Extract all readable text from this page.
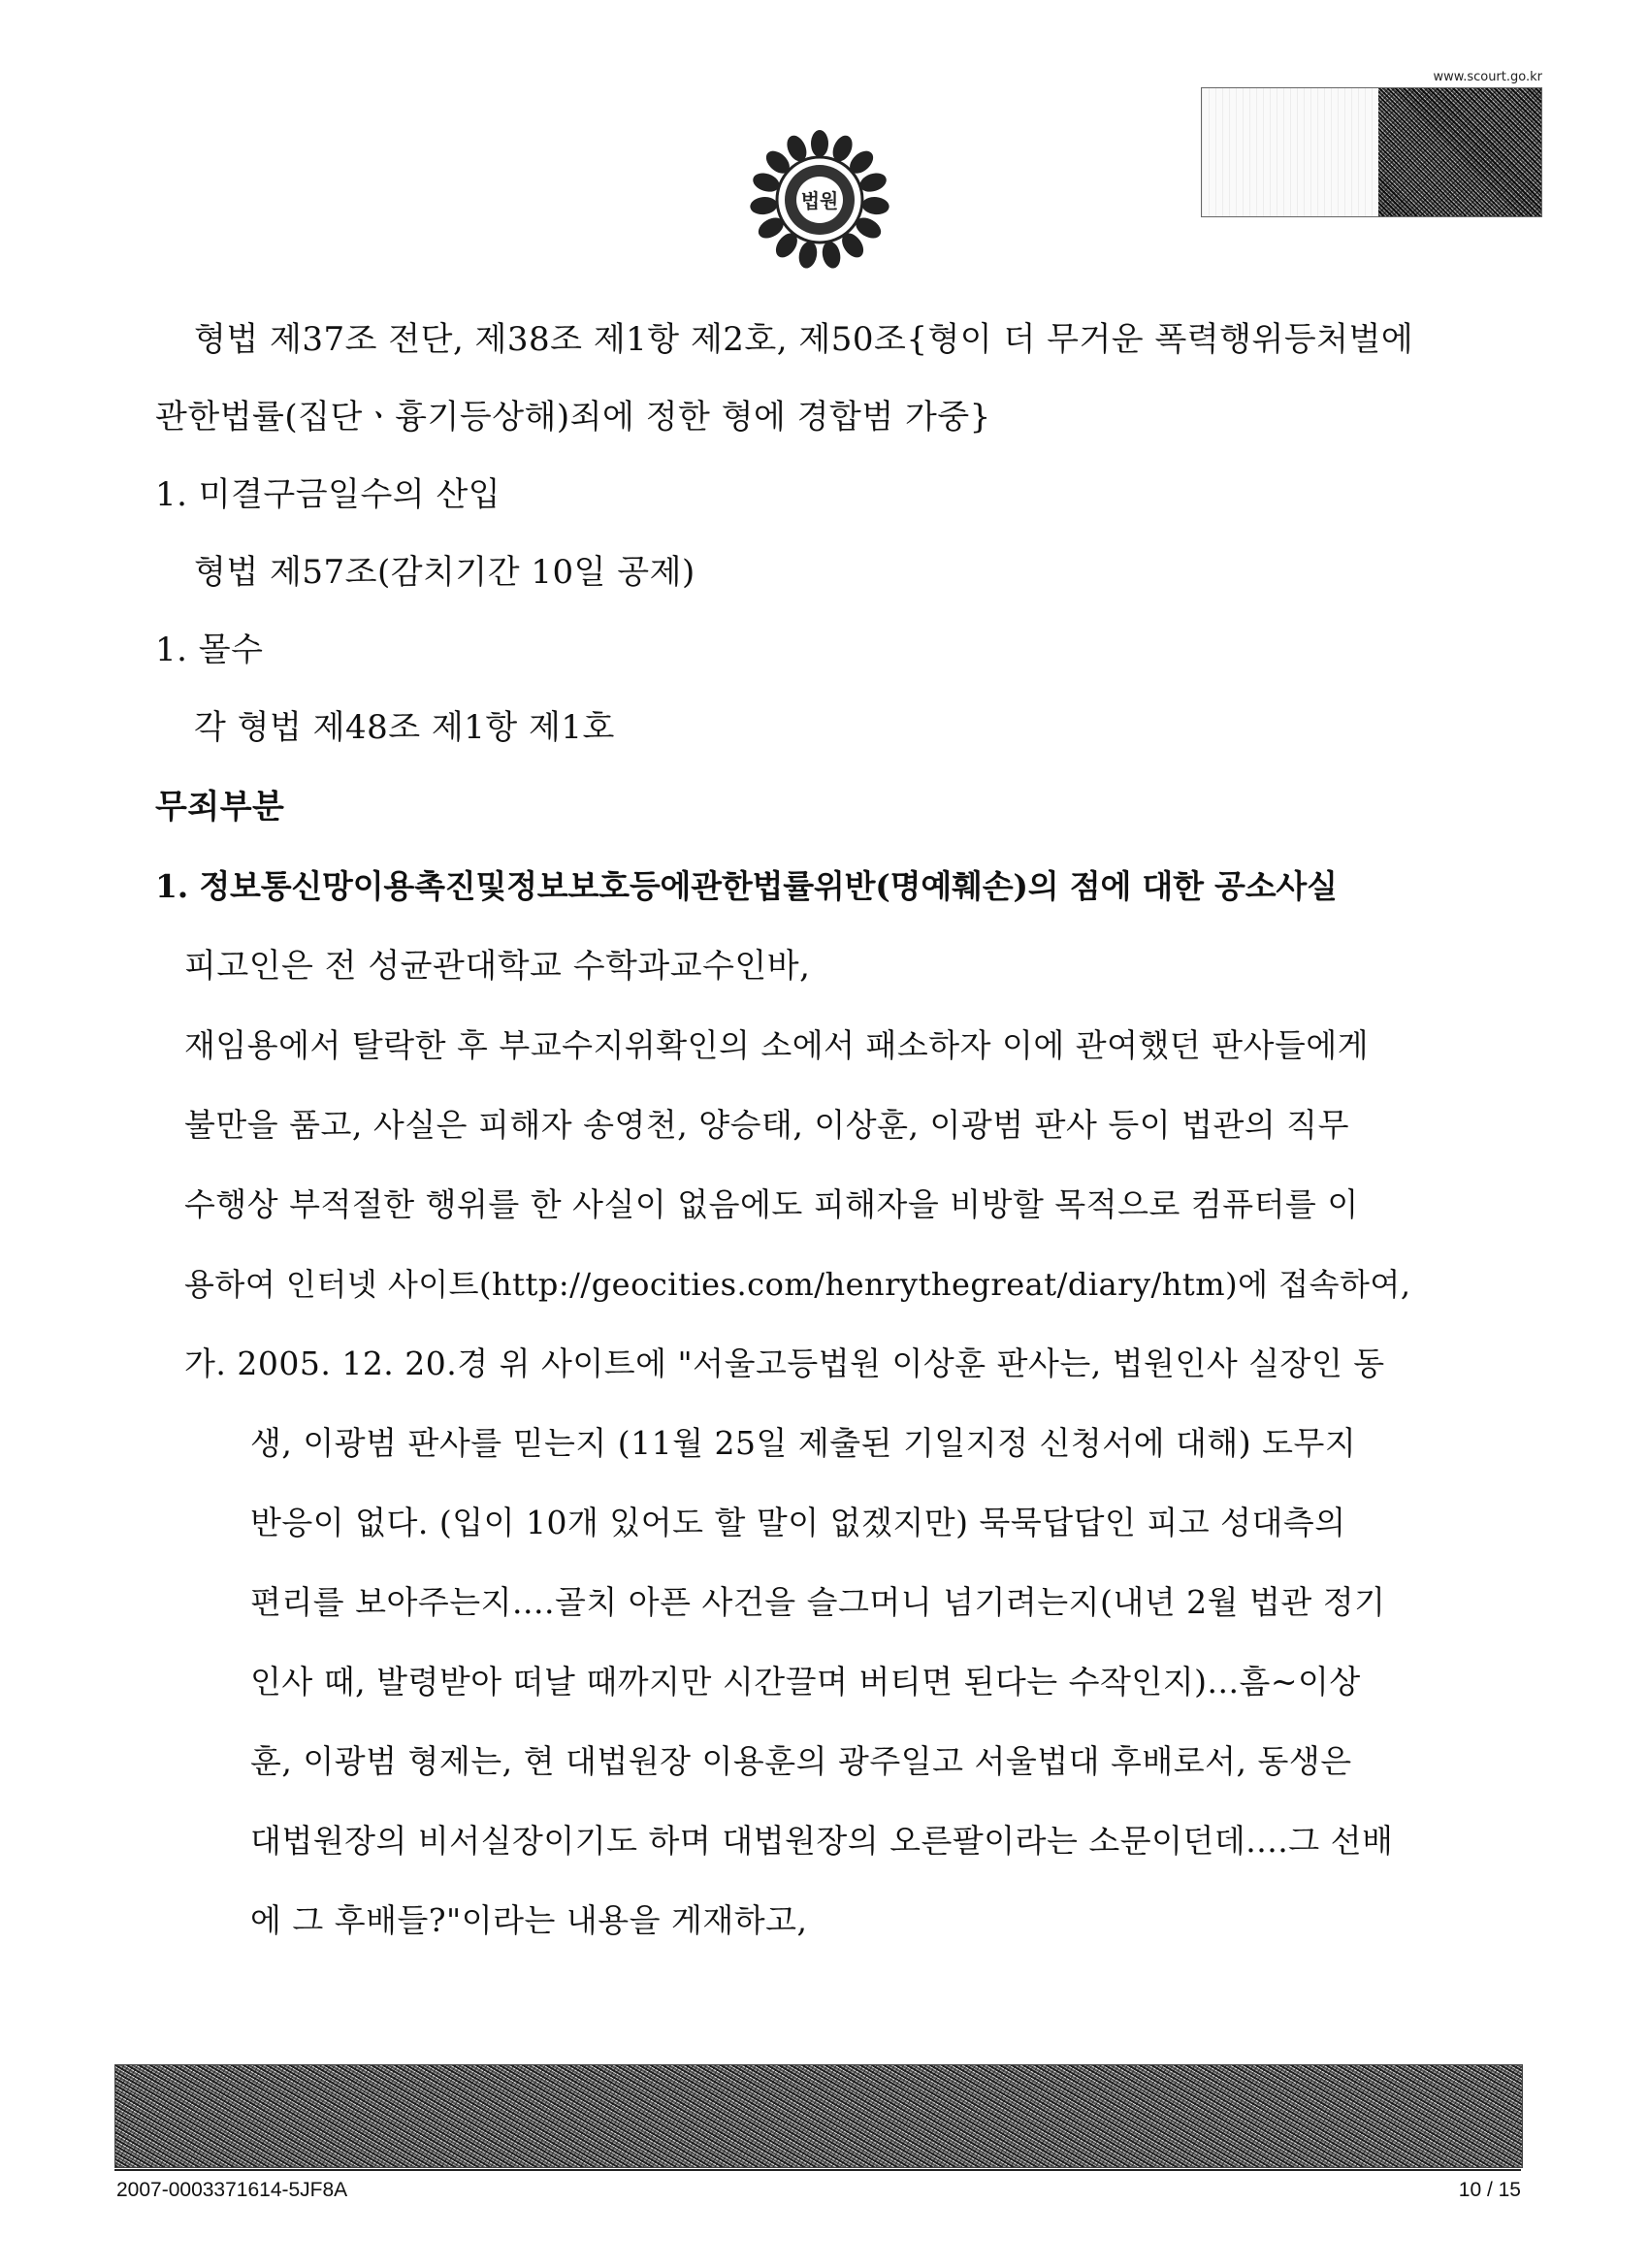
www.scourt.go.kr
법원
형법 제37조 전단, 제38조 제1항 제2호, 제50조{형이 더 무거운 폭력행위등처벌에
관한법률(집단ㆍ흉기등상해)죄에 정한 형에 경합범 가중}
1. 미결구금일수의 산입
형법 제57조(감치기간 10일 공제)
1. 몰수
각 형법 제48조 제1항 제1호
무죄부분
1. 정보통신망이용촉진및정보보호등에관한법률위반(명예훼손)의 점에 대한 공소사실
피고인은 전 성균관대학교 수학과교수인바,
재임용에서 탈락한 후 부교수지위확인의 소에서 패소하자 이에 관여했던 판사들에게
불만을 품고, 사실은 피해자 송영천, 양승태, 이상훈, 이광범 판사 등이 법관의 직무
수행상 부적절한 행위를 한 사실이 없음에도 피해자을 비방할 목적으로 컴퓨터를 이
용하여 인터넷 사이트(http://geocities.com/henrythegreat/diary/htm)에 접속하여,
가. 2005. 12. 20.경 위 사이트에 "서울고등법원 이상훈 판사는, 법원인사 실장인 동
생, 이광범 판사를 믿는지 (11월 25일 제출된 기일지정 신청서에 대해) 도무지
반응이 없다. (입이 10개 있어도 할 말이 없겠지만) 묵묵답답인 피고 성대측의
편리를 보아주는지....골치 아픈 사건을 슬그머니 넘기려는지(내년 2월 법관 정기
인사 때, 발령받아 떠날 때까지만 시간끌며 버티면 된다는 수작인지)...흠~이상
훈, 이광범 형제는, 현 대법원장 이용훈의 광주일고 서울법대 후배로서, 동생은
대법원장의 비서실장이기도 하며 대법원장의 오른팔이라는 소문이던데....그 선배
에 그 후배들?"이라는 내용을 게재하고,
2007-0003371614-5JF8A	10 / 15
